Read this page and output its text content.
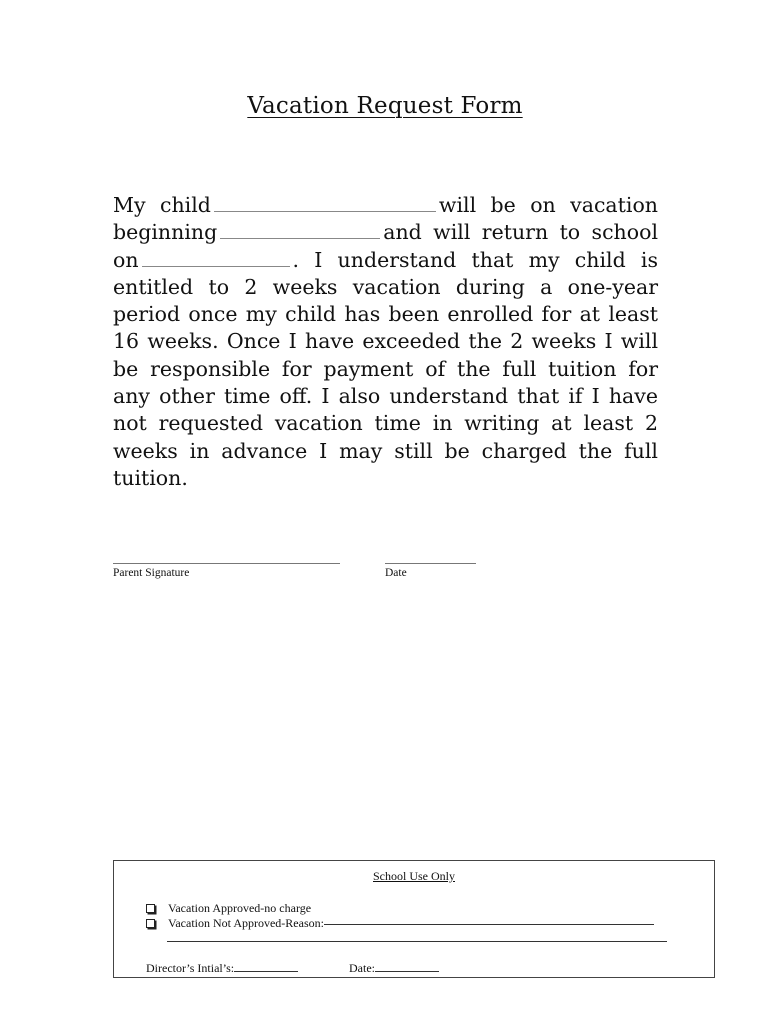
Vacation Request Form
My child	will be on vacation beginning	and will return to school on	. I understand that my child is entitled to 2 weeks vacation during a one-year period once my child has been enrolled for at least 16 weeks. Once I have exceeded the 2 weeks I will be responsible for payment of the full tuition for any other time off. I also understand that if I have not requested vacation time in writing at least 2 weeks in advance I may still be charged the full tuition.
Parent Signature	Date
School Use Only
Vacation Approved-no charge
Vacation Not Approved-Reason:
Director’s Intial’s:	Date:
